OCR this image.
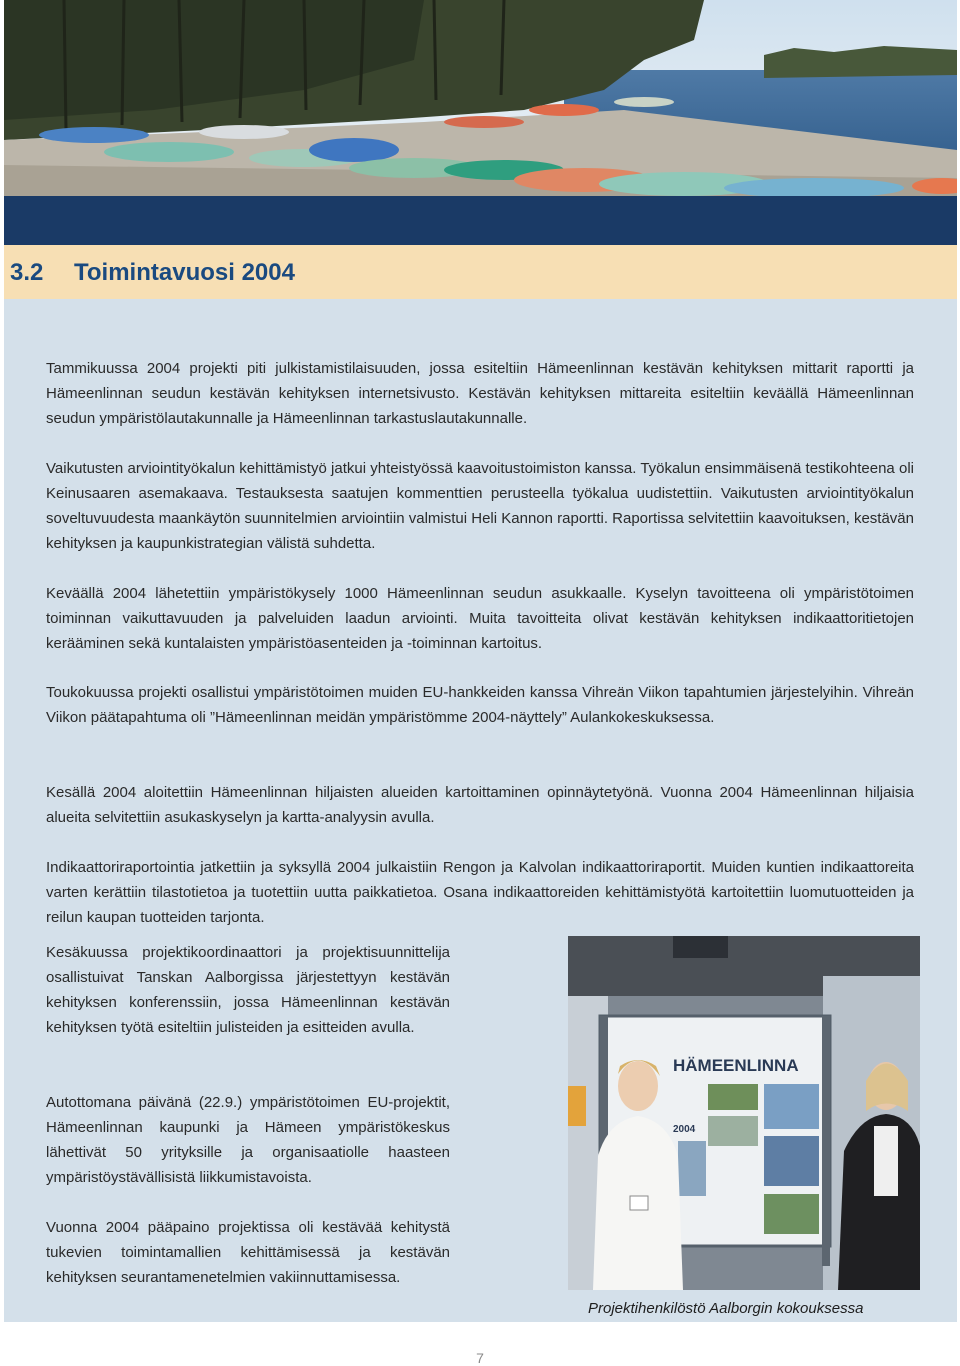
3.2 Toimintavuosi 2004

Tammikuussa 2004 projekti piti julkistamistilaisuuden, jossa esiteltiin Hämeenlinnan kestävän kehityksen mittarit raportti ja Hämeenlinnan seudun kestävän kehityksen internetsivusto. Kestävän kehityksen mittareita esiteltiin keväällä Hämeenlinnan seudun ympäristölautakunnalle ja Hämeenlinnan tarkastuslautakunnalle.

Vaikutusten arviointityökalun kehittämistyö jatkui yhteistyössä kaavoitustoimiston kanssa. Työkalun ensimmäisenä testikohteena oli Keinusaaren asemakaava. Testauksesta saatujen kommenttien perusteella työkalua uudistettiin. Vaikutusten arviointityökalun soveltuvuudesta maankäytön suunnitelmien arviointiin valmistui Heli Kannon raportti. Raportissa selvitettiin kaavoituksen, kestävän kehityksen ja kaupunkistrategian välistä suhdetta.

Keväällä 2004 lähetettiin ympäristökysely 1000 Hämeenlinnan seudun asukkaalle. Kyselyn tavoitteena oli ympäristötoimen toiminnan vaikuttavuuden ja palveluiden laadun arviointi. Muita tavoitteita olivat kestävän kehityksen indikaattoritietojen kerääminen sekä kuntalaisten ympäristöasenteiden ja -toiminnan kartoitus.

Toukokuussa projekti osallistui ympäristötoimen muiden EU-hankkeiden kanssa Vihreän Viikon tapahtumien järjestelyihin. Vihreän Viikon päätapahtuma oli ”Hämeenlinnan meidän ympäristömme 2004-näyttely” Aulankokeskuksessa.

Kesällä 2004 aloitettiin Hämeenlinnan hiljaisten alueiden kartoittaminen opinnäytetyönä. Vuonna 2004 Hämeenlinnan hiljaisia alueita selvitettiin asukaskyselyn ja kartta-analyysin avulla.

Indikaattoriraportointia jatkettiin ja syksyllä 2004 julkaistiin Rengon ja Kalvolan indikaattoriraportit. Muiden kuntien indikaattoreita varten kerättiin tilastotietoa ja tuotettiin uutta paikkatietoa. Osana indikaattoreiden kehittämistyötä kartoitettiin luomutuotteiden ja reilun kaupan tuotteiden tarjonta.

Kesäkuussa projektikoordinaattori ja projektisuunnittelija osallistuivat Tanskan Aalborgissa järjestettyyn kestävän kehityksen konferenssiin, jossa Hämeenlinnan kestävän kehityksen työtä esiteltiin julisteiden ja esitteiden avulla.

Autottomana päivänä (22.9.) ympäristötoimen EU-projektit, Hämeenlinnan kaupunki ja Hämeen ympäristökeskus lähettivät 50 yrityksille ja organisaatiolle haasteen ympäristöystävällisistä liikkumistavoista.

Vuonna 2004 pääpaino projektissa oli kestävää kehitystä tukevien toimintamallien kehittämisessä ja kestävän kehityksen seurantamenetelmien vakiinnuttamisessa.

HÄMEENLINNA
2004
Projektihenkilöstö Aalborgin kokouksessa
7
